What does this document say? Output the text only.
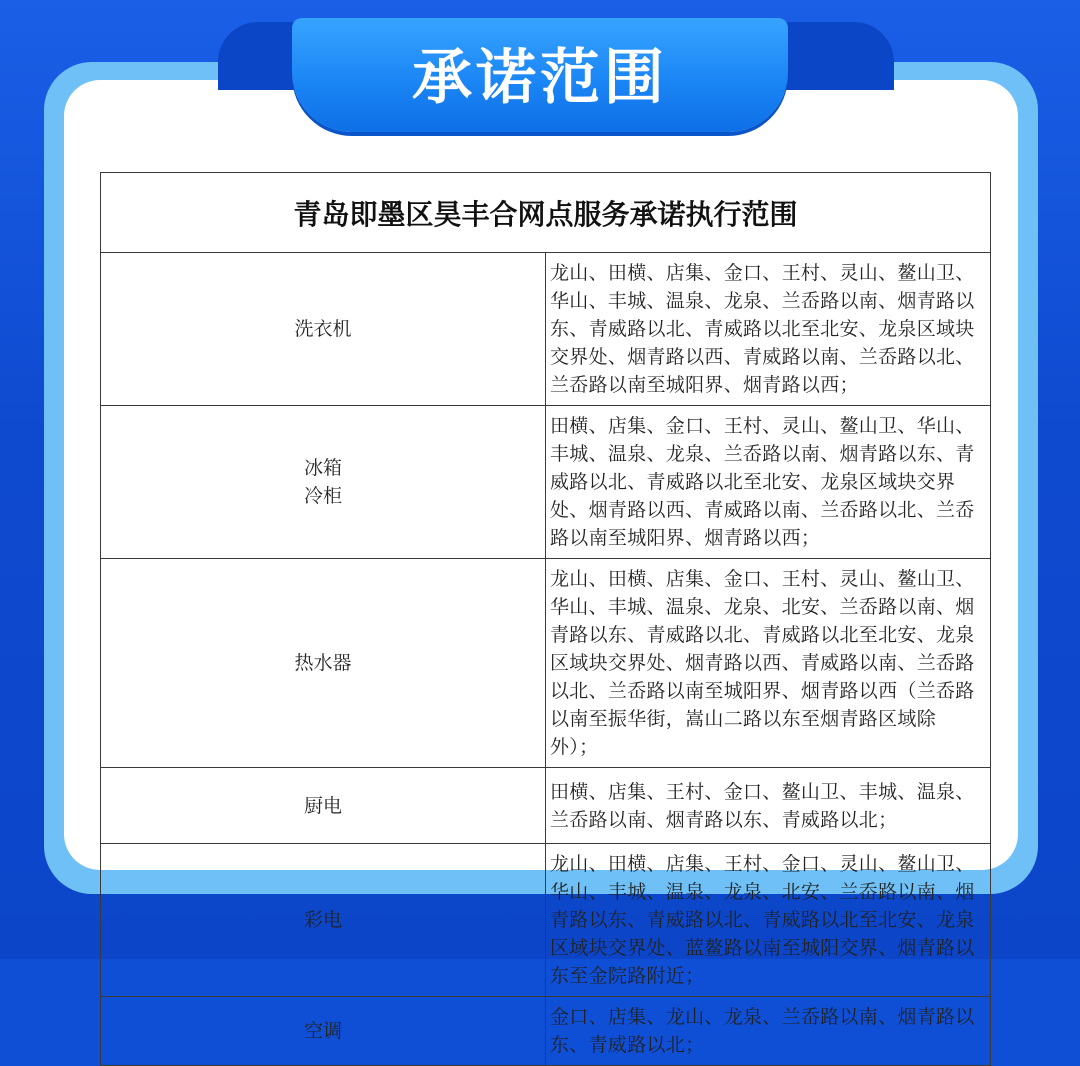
承诺范围
青岛即墨区昊丰合网点服务承诺执行范围	
洗衣机	龙山、田横、店集、金口、王村、灵山、鳌山卫、华山、丰城、温泉、龙泉、兰岙路以南、烟青路以东、青威路以北、青威路以北至北安、龙泉区域块交界处、烟青路以西、青威路以南、兰岙路以北、兰岙路以南至城阳界、烟青路以西；
冰箱冷柜	田横、店集、金口、王村、灵山、鳌山卫、华山、丰城、温泉、龙泉、兰岙路以南、烟青路以东、青威路以北、青威路以北至北安、龙泉区域块交界处、烟青路以西、青威路以南、兰岙路以北、兰岙路以南至城阳界、烟青路以西；
热水器	龙山、田横、店集、金口、王村、灵山、鳌山卫、华山、丰城、温泉、龙泉、北安、兰岙路以南、烟青路以东、青威路以北、青威路以北至北安、龙泉区域块交界处、烟青路以西、青威路以南、兰岙路以北、兰岙路以南至城阳界、烟青路以西（兰岙路以南至振华街，嵩山二路以东至烟青路区域除外）；
厨电	田横、店集、王村、金口、鳌山卫、丰城、温泉、兰岙路以南、烟青路以东、青威路以北；
彩电	龙山、田横、店集、王村、金口、灵山、鳌山卫、华山、丰城、温泉、龙泉、北安、兰岙路以南、烟青路以东、青威路以北、青威路以北至北安、龙泉区域块交界处、蓝鳌路以南至城阳交界、烟青路以东至金院路附近；
空调	金口、店集、龙山、龙泉、兰岙路以南、烟青路以东、青威路以北；
